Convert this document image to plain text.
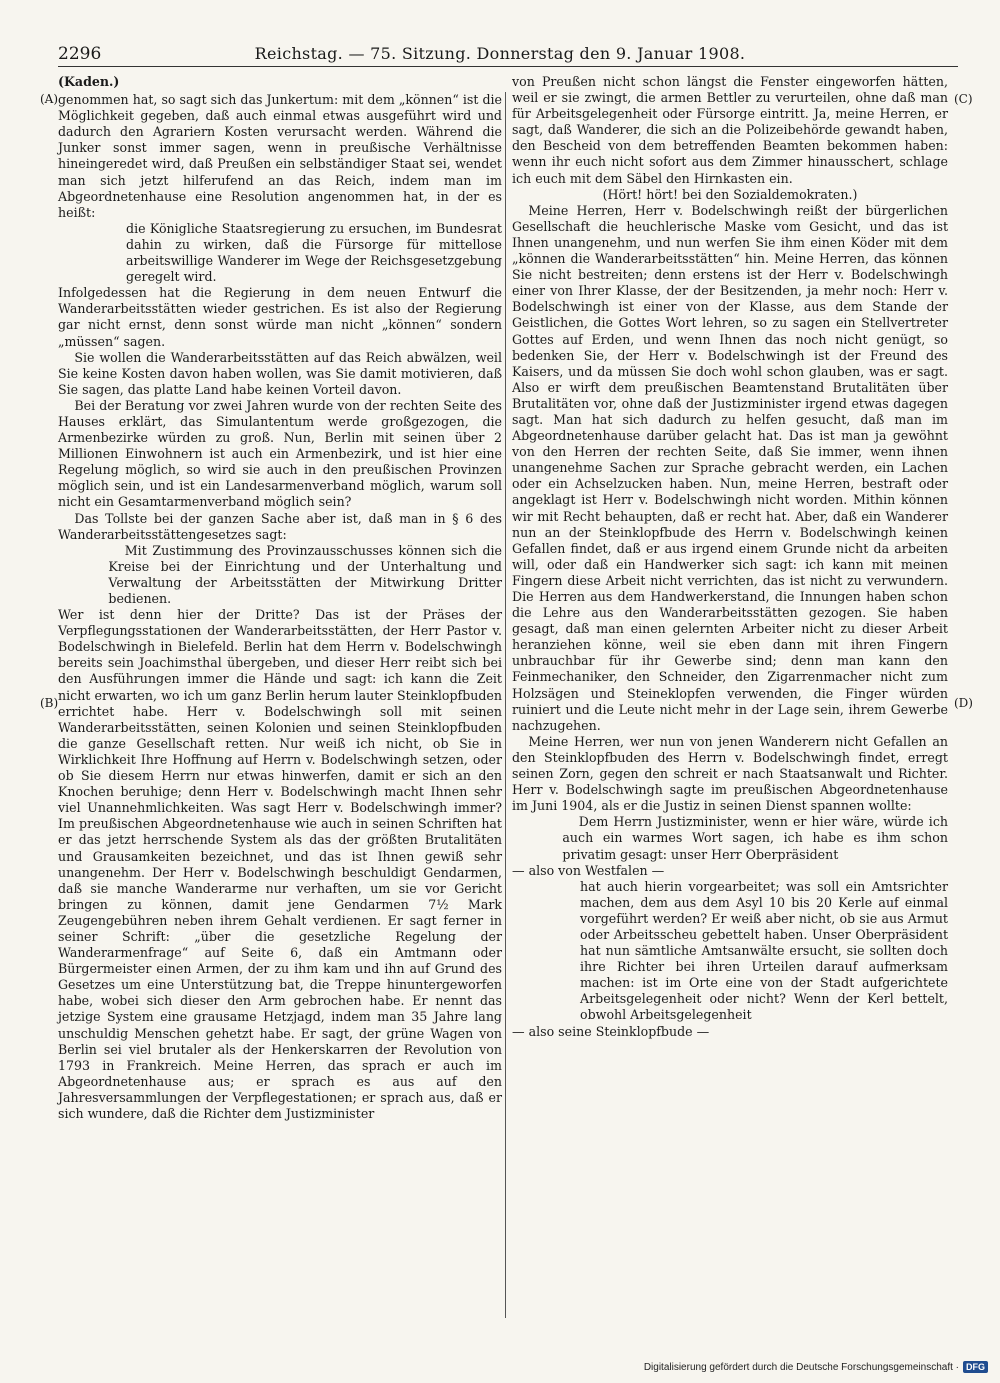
2296	Reichstag. — 75. Sitzung. Donnerstag den 9. Januar 1908.
(A)
(B)
(C)
(D)

(Kaden.)

genommen hat, so sagt sich das Junkertum: mit dem „können“ ist die Möglichkeit gegeben, daß auch einmal etwas ausgeführt wird und dadurch den Agrariern Kosten verursacht werden. Während die Junker sonst immer sagen, wenn in preußische Verhältnisse hineingeredet wird, daß Preußen ein selbständiger Staat sei, wendet man sich jetzt hilferufend an das Reich, indem man im Abgeordnetenhause eine Resolution angenommen hat, in der es heißt:

die Königliche Staatsregierung zu ersuchen, im Bundesrat dahin zu wirken, daß die Fürsorge für mittellose arbeitswillige Wanderer im Wege der Reichsgesetzgebung geregelt wird.

Infolgedessen hat die Regierung in dem neuen Entwurf die Wanderarbeitsstätten wieder gestrichen. Es ist also der Regierung gar nicht ernst, denn sonst würde man nicht „können“ sondern „müssen“ sagen.

Sie wollen die Wanderarbeitsstätten auf das Reich abwälzen, weil Sie keine Kosten davon haben wollen, was Sie damit motivieren, daß Sie sagen, das platte Land habe keinen Vorteil davon.

Bei der Beratung vor zwei Jahren wurde von der rechten Seite des Hauses erklärt, das Simulantentum werde großgezogen, die Armenbezirke würden zu groß. Nun, Berlin mit seinen über 2 Millionen Einwohnern ist auch ein Armenbezirk, und ist hier eine Regelung möglich, so wird sie auch in den preußischen Provinzen möglich sein, und ist ein Landesarmenverband möglich, warum soll nicht ein Gesamtarmenverband möglich sein?

Das Tollste bei der ganzen Sache aber ist, daß man in § 6 des Wanderarbeitsstättengesetzes sagt:

Mit Zustimmung des Provinzausschusses können sich die Kreise bei der Einrichtung und der Unterhaltung und Verwaltung der Arbeitsstätten der Mitwirkung Dritter bedienen.

Wer ist denn hier der Dritte? Das ist der Präses der Verpflegungsstationen der Wanderarbeitsstätten, der Herr Pastor v. Bodelschwingh in Bielefeld. Berlin hat dem Herrn v. Bodelschwingh bereits sein Joachimsthal übergeben, und dieser Herr reibt sich bei den Ausführungen immer die Hände und sagt: ich kann die Zeit nicht erwarten, wo ich um ganz Berlin herum lauter Steinklopfbuden errichtet habe. Herr v. Bodelschwingh soll mit seinen Wanderarbeitsstätten, seinen Kolonien und seinen Steinklopfbuden die ganze Gesellschaft retten. Nur weiß ich nicht, ob Sie in Wirklichkeit Ihre Hoffnung auf Herrn v. Bodelschwingh setzen, oder ob Sie diesem Herrn nur etwas hinwerfen, damit er sich an den Knochen beruhige; denn Herr v. Bodelschwingh macht Ihnen sehr viel Unannehmlichkeiten. Was sagt Herr v. Bodelschwingh immer? Im preußischen Abgeordnetenhause wie auch in seinen Schriften hat er das jetzt herrschende System als das der größten Brutalitäten und Grausamkeiten bezeichnet, und das ist Ihnen gewiß sehr unangenehm. Der Herr v. Bodelschwingh beschuldigt Gendarmen, daß sie manche Wanderarme nur verhaften, um sie vor Gericht bringen zu können, damit jene Gendarmen 7½ Mark Zeugengebühren neben ihrem Gehalt verdienen. Er sagt ferner in seiner Schrift: „über die gesetzliche Regelung der Wanderarmenfrage“ auf Seite 6, daß ein Amtmann oder Bürgermeister einen Armen, der zu ihm kam und ihn auf Grund des Gesetzes um eine Unterstützung bat, die Treppe hinuntergeworfen habe, wobei sich dieser den Arm gebrochen habe. Er nennt das jetzige System eine grausame Hetzjagd, indem man 35 Jahre lang unschuldig Menschen gehetzt habe. Er sagt, der grüne Wagen von Berlin sei viel brutaler als der Henkerskarren der Revolution von 1793 in Frankreich. Meine Herren, das sprach er auch im Abgeordnetenhause aus; er sprach es aus auf den Jahresversammlungen der Verpflegestationen; er sprach aus, daß er sich wundere, daß die Richter dem Justizminister

von Preußen nicht schon längst die Fenster eingeworfen hätten, weil er sie zwingt, die armen Bettler zu verurteilen, ohne daß man für Arbeitsgelegenheit oder Fürsorge eintritt. Ja, meine Herren, er sagt, daß Wanderer, die sich an die Polizeibehörde gewandt haben, den Bescheid von dem betreffenden Beamten bekommen haben: wenn ihr euch nicht sofort aus dem Zimmer hinausschert, schlage ich euch mit dem Säbel den Hirnkasten ein.

(Hört! hört! bei den Sozialdemokraten.)

Meine Herren, Herr v. Bodelschwingh reißt der bürgerlichen Gesellschaft die heuchlerische Maske vom Gesicht, und das ist Ihnen unangenehm, und nun werfen Sie ihm einen Köder mit dem „können die Wanderarbeitsstätten“ hin. Meine Herren, das können Sie nicht bestreiten; denn erstens ist der Herr v. Bodelschwingh einer von Ihrer Klasse, der der Besitzenden, ja mehr noch: Herr v. Bodelschwingh ist einer von der Klasse, aus dem Stande der Geistlichen, die Gottes Wort lehren, so zu sagen ein Stellvertreter Gottes auf Erden, und wenn Ihnen das noch nicht genügt, so bedenken Sie, der Herr v. Bodelschwingh ist der Freund des Kaisers, und da müssen Sie doch wohl schon glauben, was er sagt. Also er wirft dem preußischen Beamtenstand Brutalitäten über Brutalitäten vor, ohne daß der Justizminister irgend etwas dagegen sagt. Man hat sich dadurch zu helfen gesucht, daß man im Abgeordnetenhause darüber gelacht hat. Das ist man ja gewöhnt von den Herren der rechten Seite, daß Sie immer, wenn ihnen unangenehme Sachen zur Sprache gebracht werden, ein Lachen oder ein Achselzucken haben. Nun, meine Herren, bestraft oder angeklagt ist Herr v. Bodelschwingh nicht worden. Mithin können wir mit Recht behaupten, daß er recht hat. Aber, daß ein Wanderer nun an der Steinklopfbude des Herrn v. Bodelschwingh keinen Gefallen findet, daß er aus irgend einem Grunde nicht da arbeiten will, oder daß ein Handwerker sich sagt: ich kann mit meinen Fingern diese Arbeit nicht verrichten, das ist nicht zu verwundern. Die Herren aus dem Handwerkerstand, die Innungen haben schon die Lehre aus den Wanderarbeitsstätten gezogen. Sie haben gesagt, daß man einen gelernten Arbeiter nicht zu dieser Arbeit heranziehen könne, weil sie eben dann mit ihren Fingern unbrauchbar für ihr Gewerbe sind; denn man kann den Feinmechaniker, den Schneider, den Zigarrenmacher nicht zum Holzsägen und Steineklopfen verwenden, die Finger würden ruiniert und die Leute nicht mehr in der Lage sein, ihrem Gewerbe nachzugehen.

Meine Herren, wer nun von jenen Wanderern nicht Gefallen an den Steinklopfbuden des Herrn v. Bodelschwingh findet, erregt seinen Zorn, gegen den schreit er nach Staatsanwalt und Richter. Herr v. Bodelschwingh sagte im preußischen Abgeordnetenhause im Juni 1904, als er die Justiz in seinen Dienst spannen wollte:

Dem Herrn Justizminister, wenn er hier wäre, würde ich auch ein warmes Wort sagen, ich habe es ihm schon privatim gesagt: unser Herr Oberpräsident

— also von Westfalen —

hat auch hierin vorgearbeitet; was soll ein Amtsrichter machen, dem aus dem Asyl 10 bis 20 Kerle auf einmal vorgeführt werden? Er weiß aber nicht, ob sie aus Armut oder Arbeitsscheu gebettelt haben. Unser Oberpräsident hat nun sämtliche Amtsanwälte ersucht, sie sollten doch ihre Richter bei ihren Urteilen darauf aufmerksam machen: ist im Orte eine von der Stadt aufgerichtete Arbeitsgelegenheit oder nicht? Wenn der Kerl bettelt, obwohl Arbeitsgelegenheit

— also seine Steinklopfbude —

Digitalisierung gefördert durch die Deutsche Forschungsgemeinschaft · DFG
